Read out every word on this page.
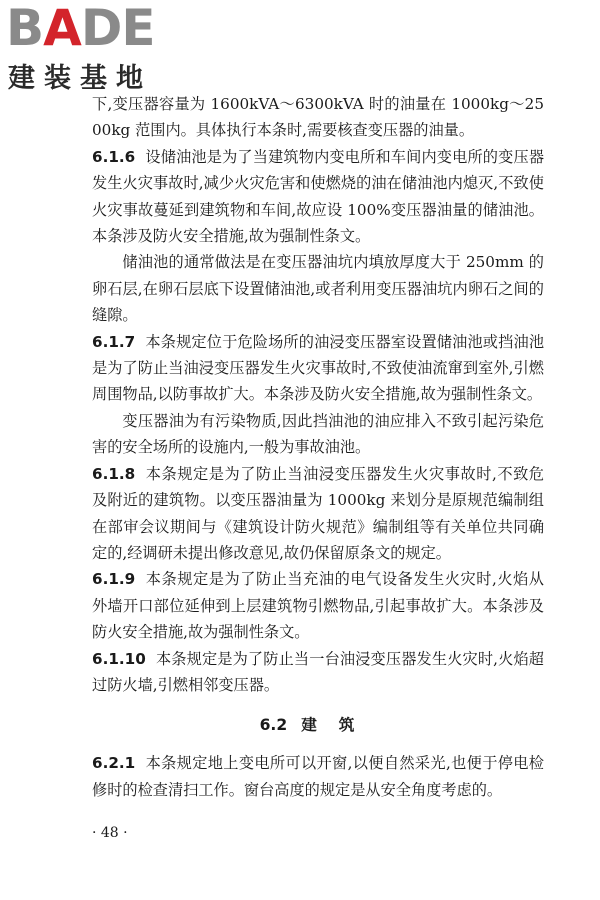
B A D E
建装基地

下,变压器容量为 1600kVA～6300kVA 时的油量在 1000kg～2500kg 范围内。具体执行本条时,需要核查变压器的油量。

6.1.6 设储油池是为了当建筑物内变电所和车间内变电所的变压器发生火灾事故时,减少火灾危害和使燃烧的油在储油池内熄灭,不致使火灾事故蔓延到建筑物和车间,故应设 100%变压器油量的储油池。本条涉及防火安全措施,故为强制性条文。

储油池的通常做法是在变压器油坑内填放厚度大于 250mm 的卵石层,在卵石层底下设置储油池,或者利用变压器油坑内卵石之间的缝隙。

6.1.7 本条规定位于危险场所的油浸变压器室设置储油池或挡油池是为了防止当油浸变压器发生火灾事故时,不致使油流窜到室外,引燃周围物品,以防事故扩大。本条涉及防火安全措施,故为强制性条文。

变压器油为有污染物质,因此挡油池的油应排入不致引起污染危害的安全场所的设施内,一般为事故油池。

6.1.8 本条规定是为了防止当油浸变压器发生火灾事故时,不致危及附近的建筑物。以变压器油量为 1000kg 来划分是原规范编制组在部审会议期间与《建筑设计防火规范》编制组等有关单位共同确定的,经调研未提出修改意见,故仍保留原条文的规定。

6.1.9 本条规定是为了防止当充油的电气设备发生火灾时,火焰从外墙开口部位延伸到上层建筑物引燃物品,引起事故扩大。本条涉及防火安全措施,故为强制性条文。

6.1.10 本条规定是为了防止当一台油浸变压器发生火灾时,火焰超过防火墙,引燃相邻变压器。

6.2 建筑

6.2.1 本条规定地上变电所可以开窗,以便自然采光,也便于停电检修时的检查清扫工作。窗台高度的规定是从安全角度考虑的。

· 48 ·
